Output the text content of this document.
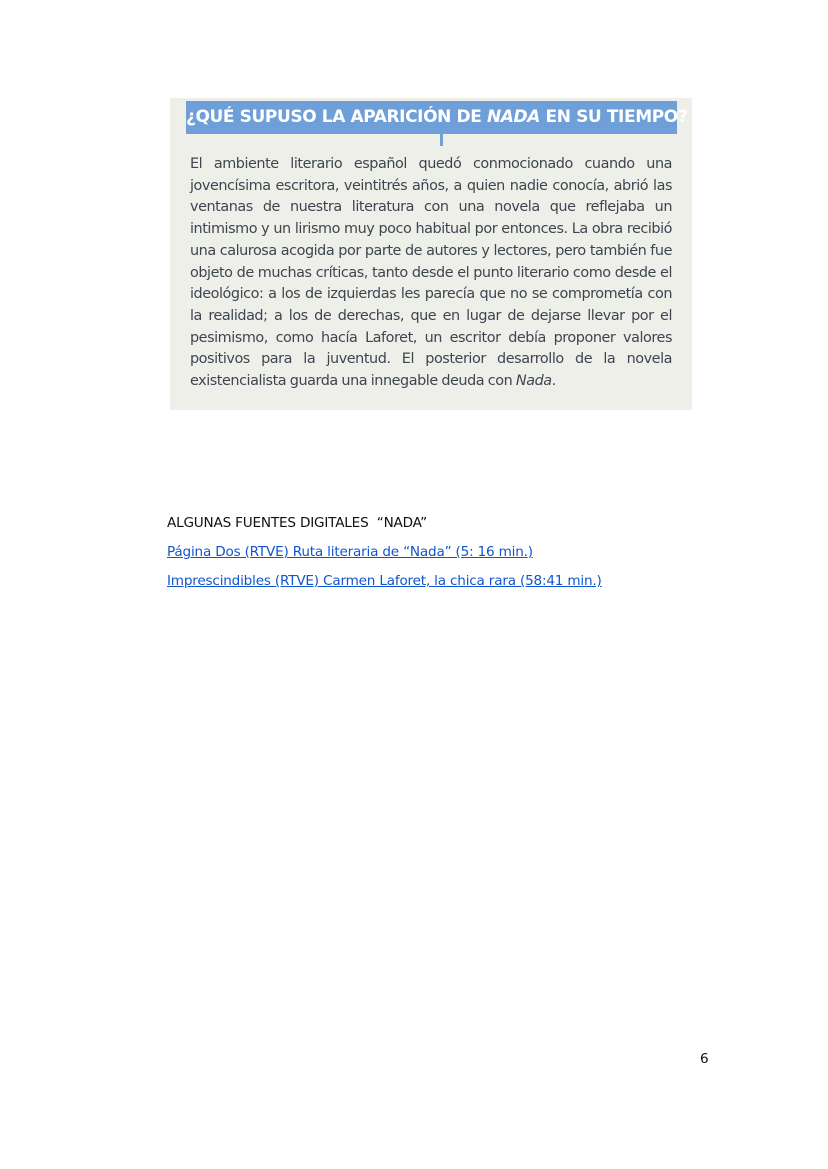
¿QUÉ SUPUSO LA APARICIÓN DE NADA EN SU TIEMPO?
El ambiente literario español quedó conmocionado cuando una jovencísima escritora, veintitrés años, a quien nadie conocía, abrió las ventanas de nuestra literatura con una novela que reflejaba un intimismo y un lirismo muy poco habitual por entonces. La obra recibió una calurosa acogida por parte de autores y lectores, pero también fue objeto de muchas críticas, tanto desde el punto literario como desde el ideológico: a los de izquierdas les parecía que no se comprometía con la realidad; a los de derechas, que en lugar de dejarse llevar por el pesimismo, como hacía Laforet, un escritor debía proponer valores positivos para la juventud. El posterior desarrollo de la novela existencialista guarda una innegable deuda con Nada.
ALGUNAS FUENTES DIGITALES  “NADA”
Página Dos (RTVE) Ruta literaria de “Nada” (5: 16 min.)
Imprescindibles (RTVE) Carmen Laforet, la chica rara (58:41 min.)
6
